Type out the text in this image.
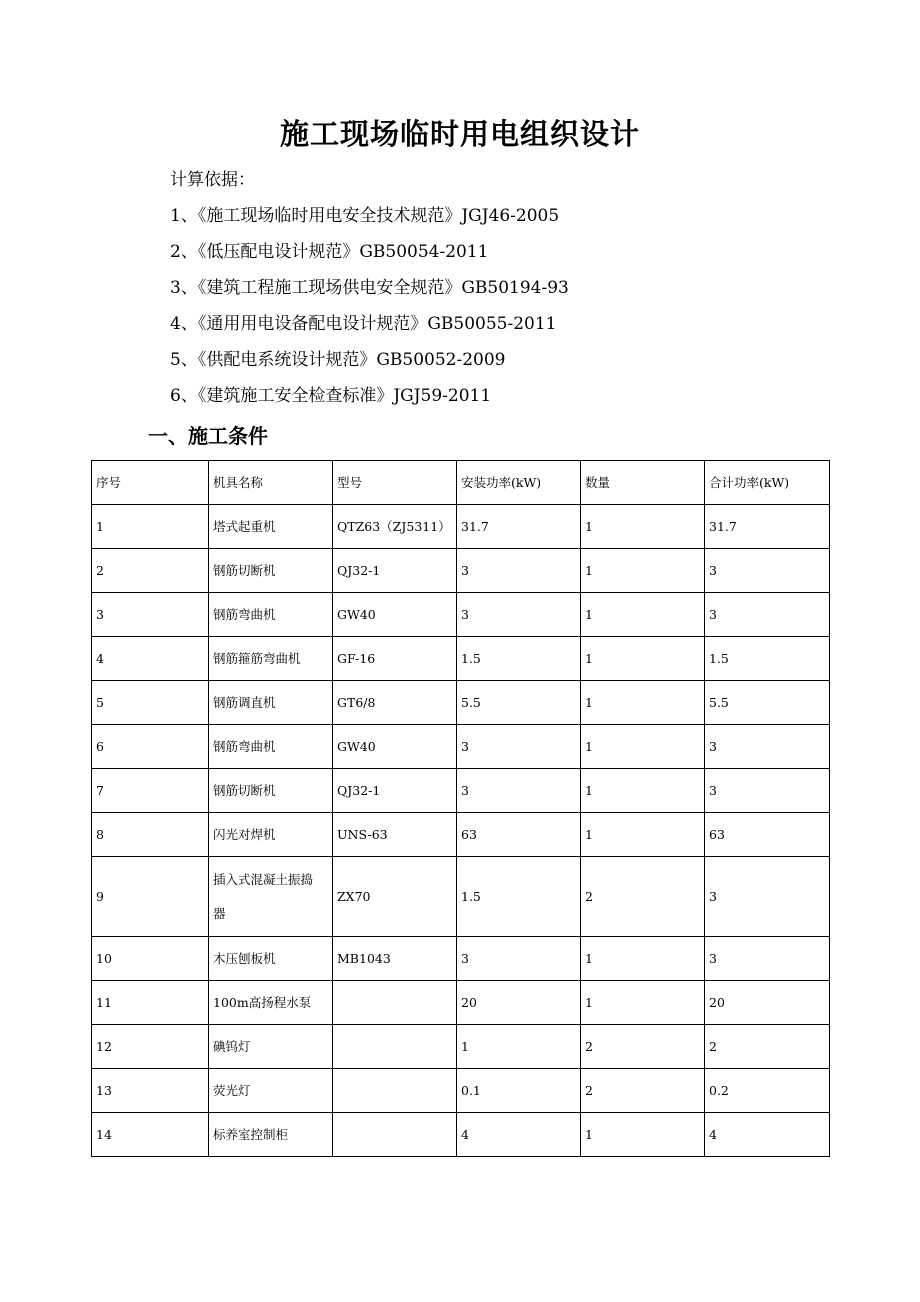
施工现场临时用电组织设计
计算依据：
1、《施工现场临时用电安全技术规范》JGJ46-2005
2、《低压配电设计规范》GB50054-2011
3、《建筑工程施工现场供电安全规范》GB50194-93
4、《通用用电设备配电设计规范》GB50055-2011
5、《供配电系统设计规范》GB50052-2009
6、《建筑施工安全检查标准》JGJ59-2011
一、施工条件
序号	机具名称	型号	安装功率(kW)	数量	合计功率(kW)
1	塔式起重机	QTZ63（ZJ5311）	31.7	1	31.7
2	钢筋切断机	QJ32-1	3	1	3
3	钢筋弯曲机	GW40	3	1	3
4	钢筋箍筋弯曲机	GF-16	1.5	1	1.5
5	钢筋调直机	GT6/8	5.5	1	5.5
6	钢筋弯曲机	GW40	3	1	3
7	钢筋切断机	QJ32-1	3	1	3
8	闪光对焊机	UNS-63	63	1	63
9	插入式混凝土振捣器	ZX70	1.5	2	3
10	木压刨板机	MB1043	3	1	3
11	100m高扬程水泵		20	1	20
12	碘钨灯		1	2	2
13	荧光灯		0.1	2	0.2
14	标养室控制柜		4	1	4
